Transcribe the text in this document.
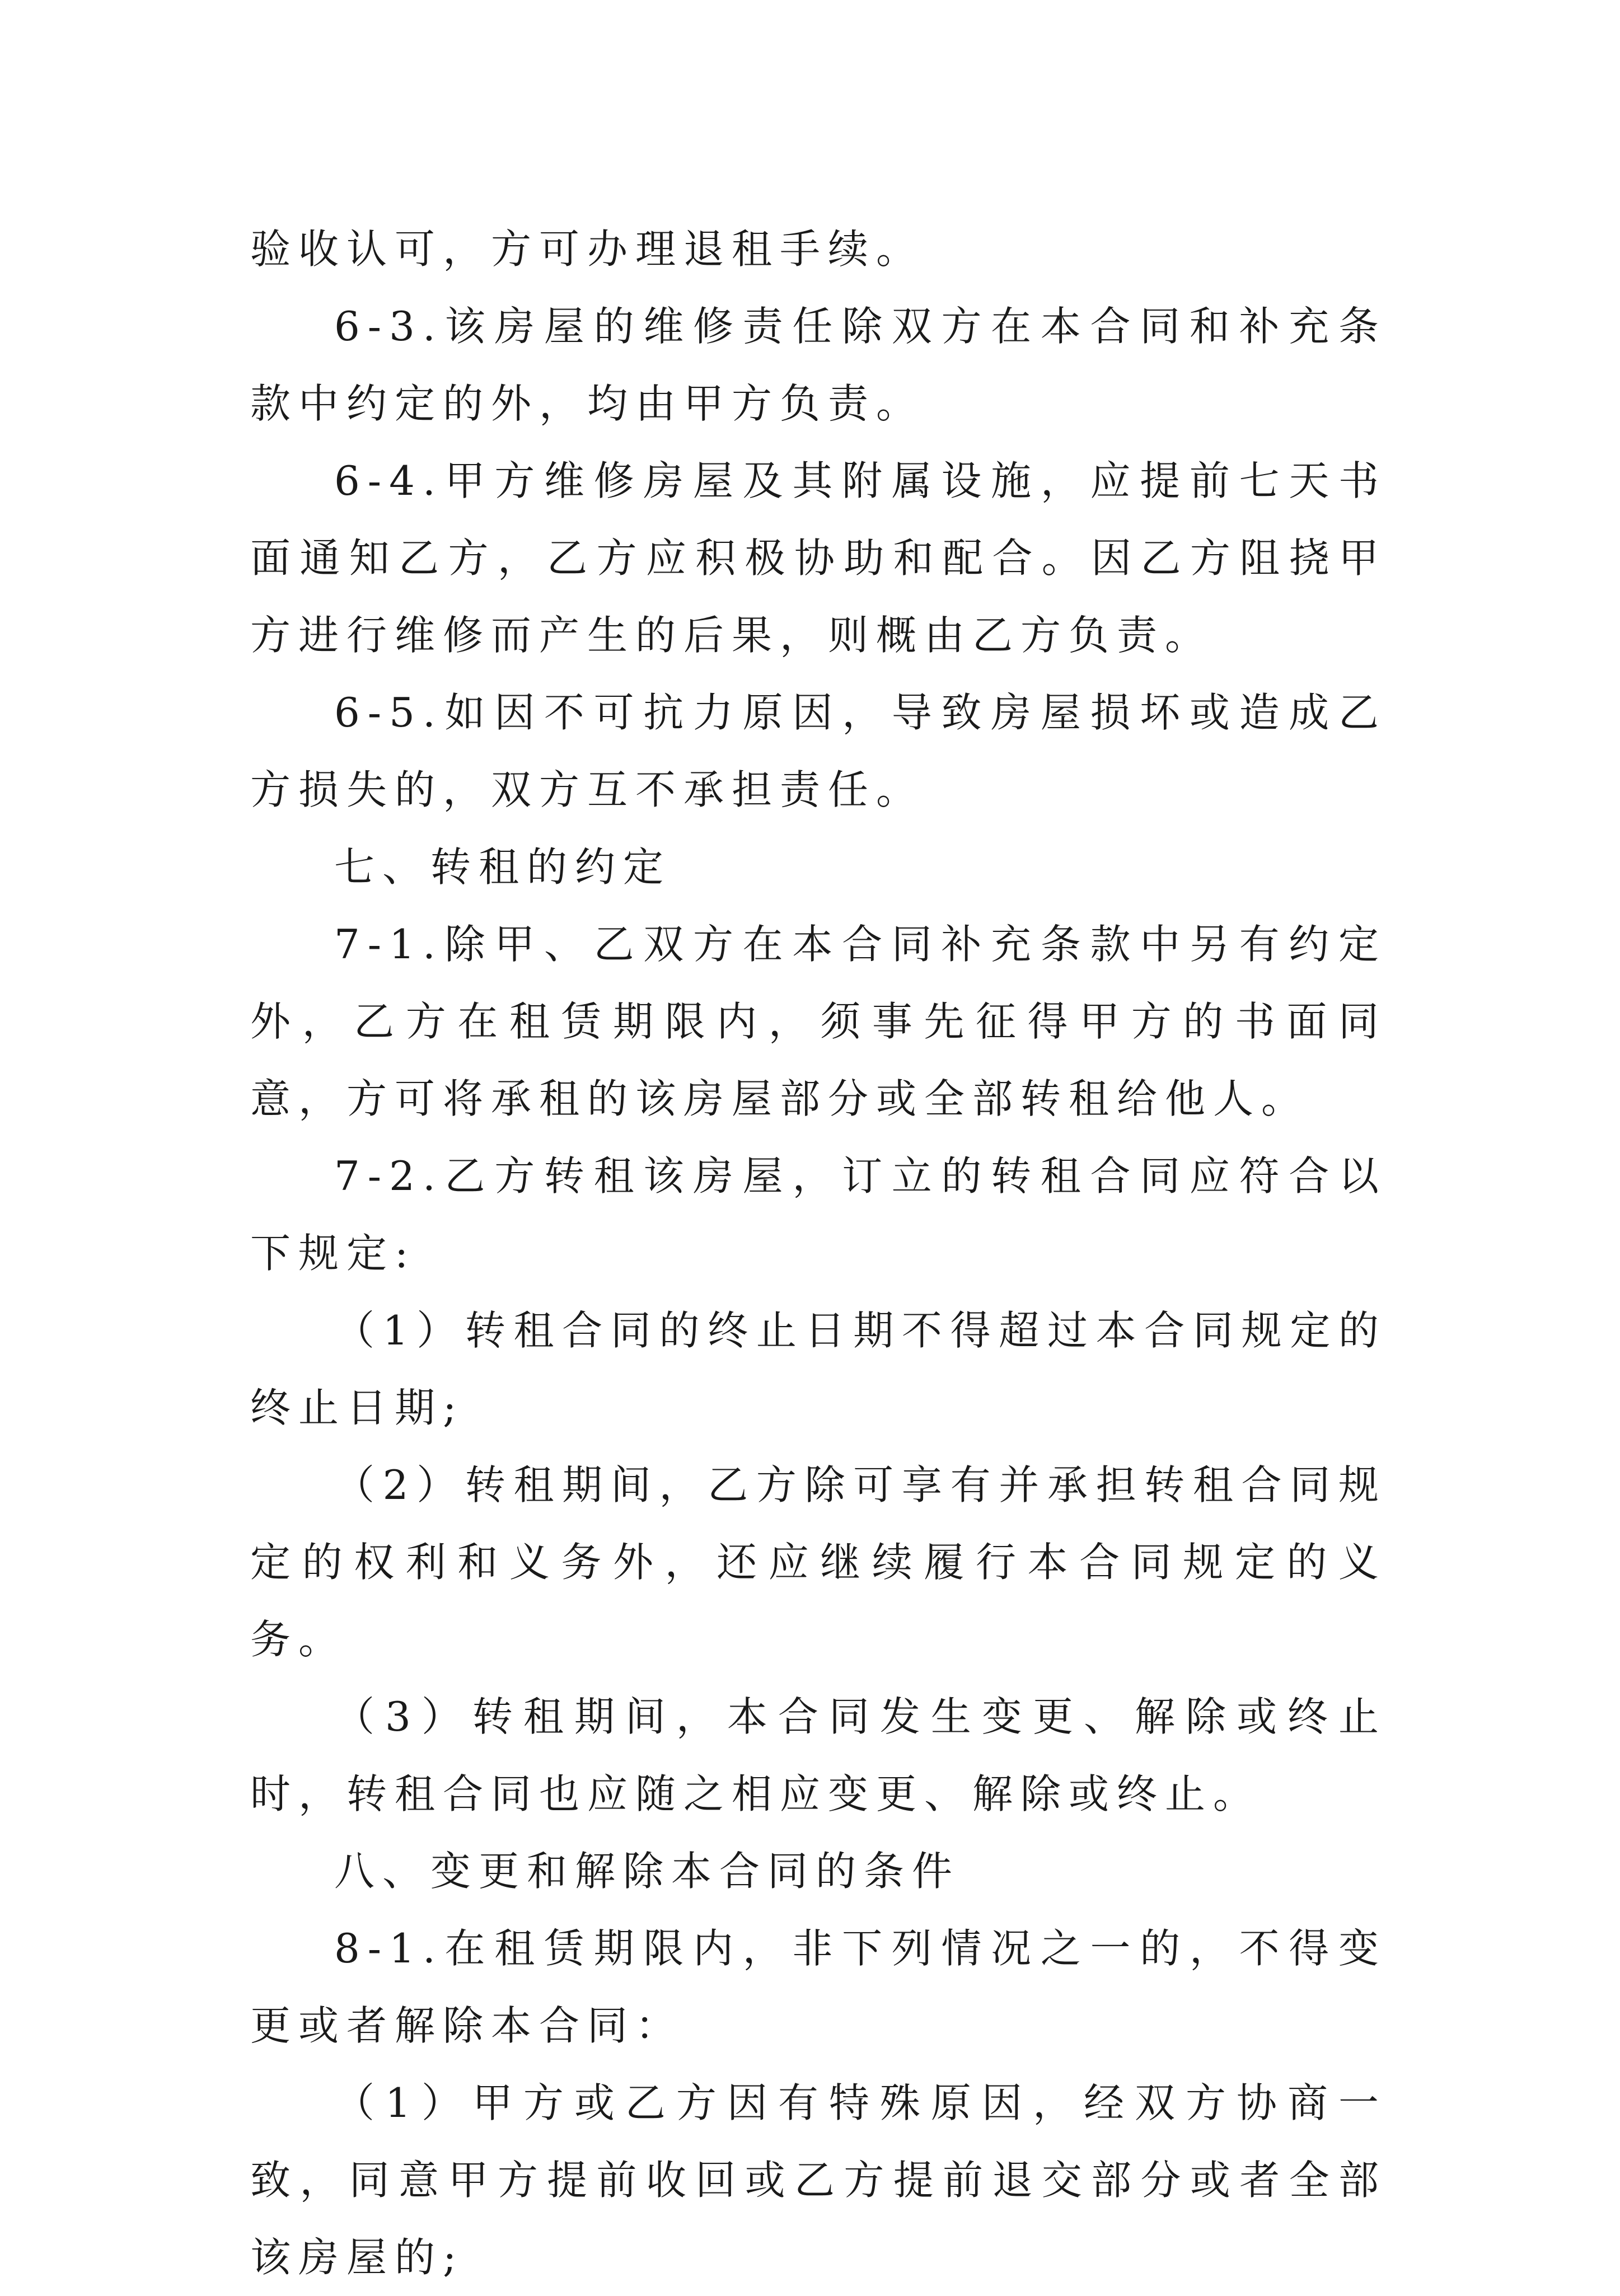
验收认可，方可办理退租手续。

6-3.该房屋的维修责任除双方在本合同和补充条款中约定的外，均由甲方负责。

6-4.甲方维修房屋及其附属设施，应提前七天书面通知乙方，乙方应积极协助和配合。因乙方阻挠甲方进行维修而产生的后果，则概由乙方负责。

6-5.如因不可抗力原因，导致房屋损坏或造成乙方损失的，双方互不承担责任。

七、转租的约定

7-1.除甲、乙双方在本合同补充条款中另有约定外，乙方在租赁期限内，须事先征得甲方的书面同意，方可将承租的该房屋部分或全部转租给他人。

7-2.乙方转租该房屋，订立的转租合同应符合以下规定:

（1）转租合同的终止日期不得超过本合同规定的终止日期;

（2）转租期间，乙方除可享有并承担转租合同规定的权利和义务外，还应继续履行本合同规定的义务。

（3）转租期间，本合同发生变更、解除或终止时，转租合同也应随之相应变更、解除或终止。

八、变更和解除本合同的条件

8-1.在租赁期限内，非下列情况之一的，不得变更或者解除本合同：

（1）甲方或乙方因有特殊原因，经双方协商一致，同意甲方提前收回或乙方提前退交部分或者全部该房屋的;
